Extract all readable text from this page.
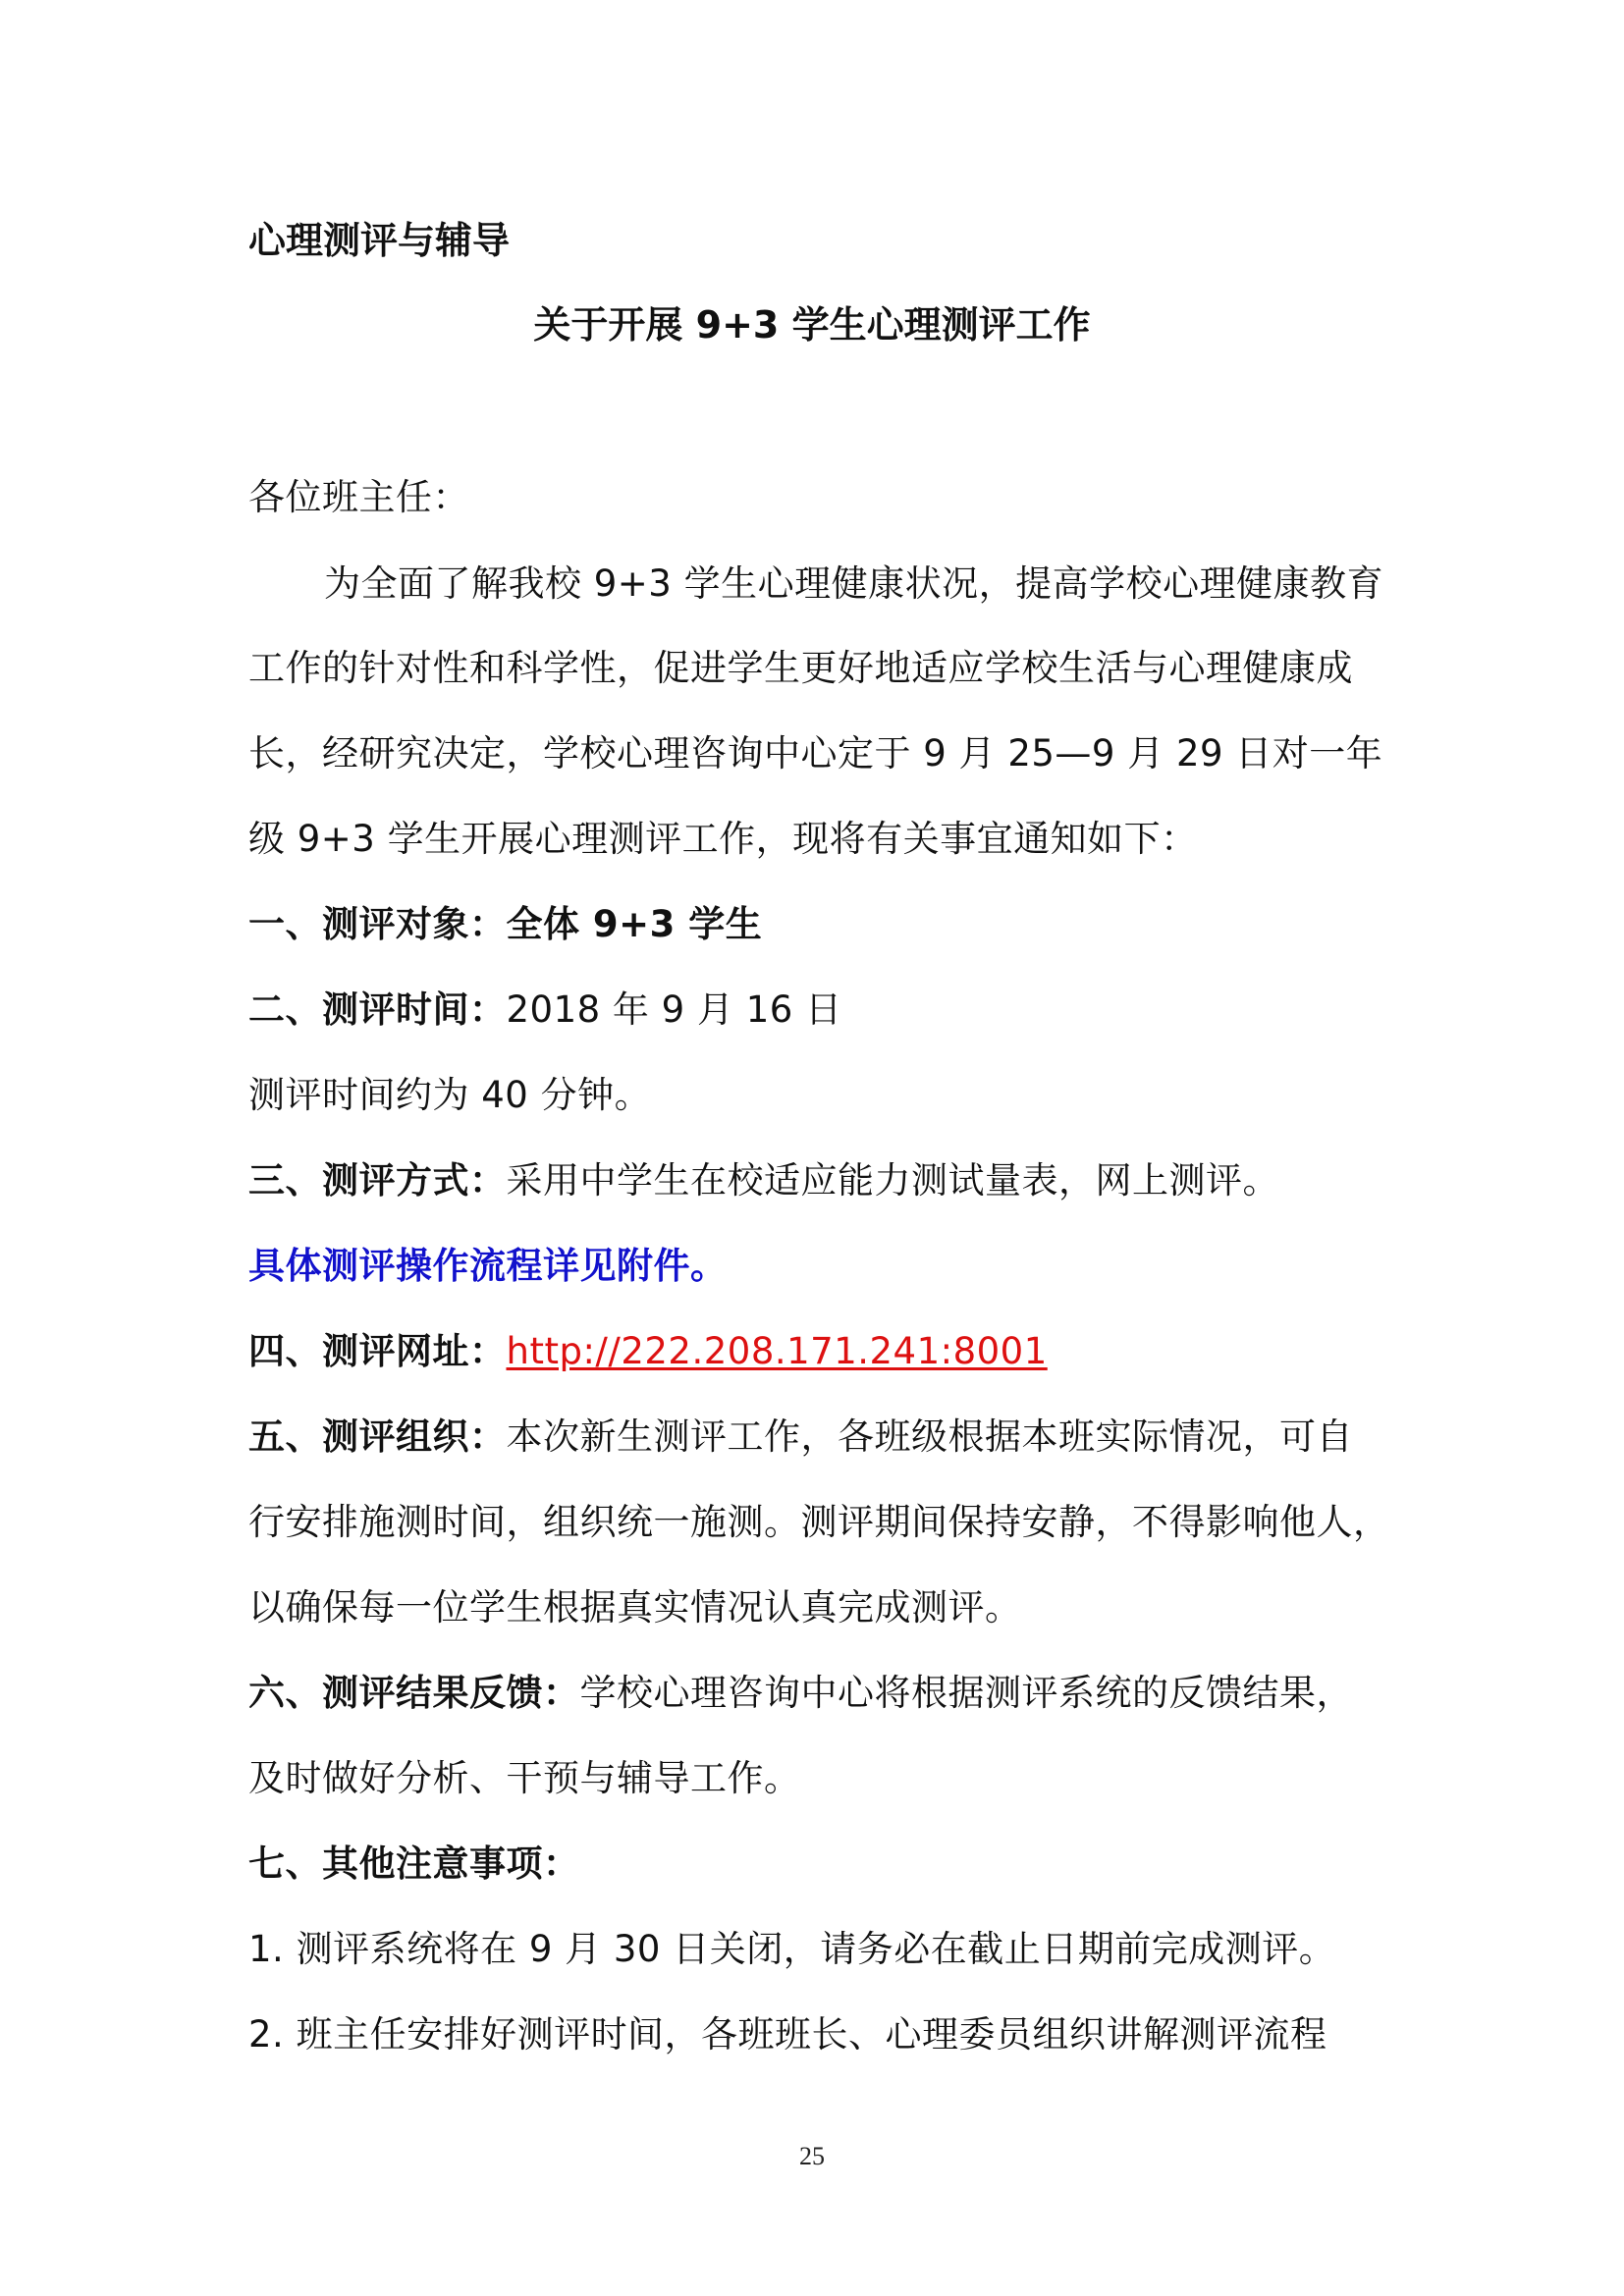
心理测评与辅导
关于开展 9+3 学生心理测评工作
各位班主任：
为全面了解我校 9+3 学生心理健康状况，提高学校心理健康教育
工作的针对性和科学性，促进学生更好地适应学校生活与心理健康成
长，经研究决定，学校心理咨询中心定于 9 月 25—9 月 29 日对一年
级 9+3 学生开展心理测评工作，现将有关事宜通知如下：
一、测评对象：全体 9+3 学生
二、测评时间：2018 年 9 月 16 日
测评时间约为 40 分钟。
三、测评方式：采用中学生在校适应能力测试量表，网上测评。
具体测评操作流程详见附件。
四、测评网址：http://222.208.171.241:8001
五、测评组织：本次新生测评工作，各班级根据本班实际情况，可自
行安排施测时间，组织统一施测。测评期间保持安静，不得影响他人，
以确保每一位学生根据真实情况认真完成测评。
六、测评结果反馈：学校心理咨询中心将根据测评系统的反馈结果，
及时做好分析、干预与辅导工作。
七、其他注意事项：
1. 测评系统将在 9 月 30 日关闭，请务必在截止日期前完成测评。
2. 班主任安排好测评时间，各班班长、心理委员组织讲解测评流程
25
